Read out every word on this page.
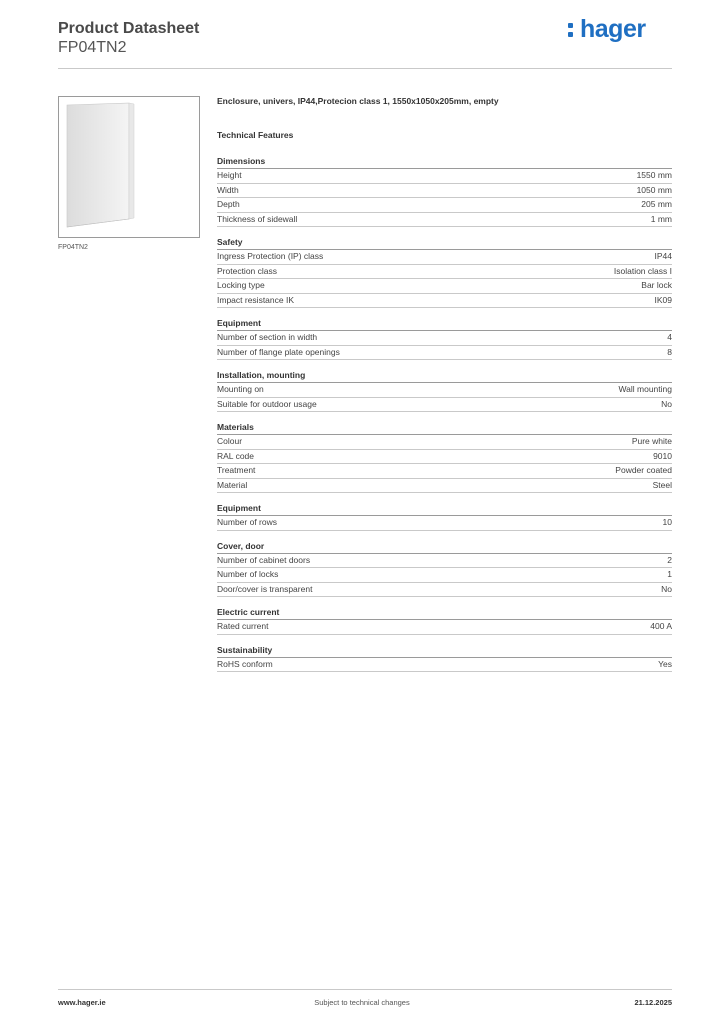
Product Datasheet
FP04TN2
hager
FP04TN2
Enclosure, univers, IP44,Protecion class 1, 1550x1050x205mm, empty
Technical Features
Dimensions
Height	1550 mm
Width	1050 mm
Depth	205 mm
Thickness of sidewall	1 mm
Safety
Ingress Protection (IP) class	IP44
Protection class	Isolation class I
Locking type	Bar lock
Impact resistance IK	IK09
Equipment
Number of section in width	4
Number of flange plate openings	8
Installation, mounting
Mounting on	Wall mounting
Suitable for outdoor usage	No
Materials
Colour	Pure white
RAL code	9010
Treatment	Powder coated
Material	Steel
Equipment
Number of rows	10
Cover, door
Number of cabinet doors	2
Number of locks	1
Door/cover is transparent	No
Electric current
Rated current	400 A
Sustainability
RoHS conform	Yes
www.hager.ie	Subject to technical changes	21.12.2025
